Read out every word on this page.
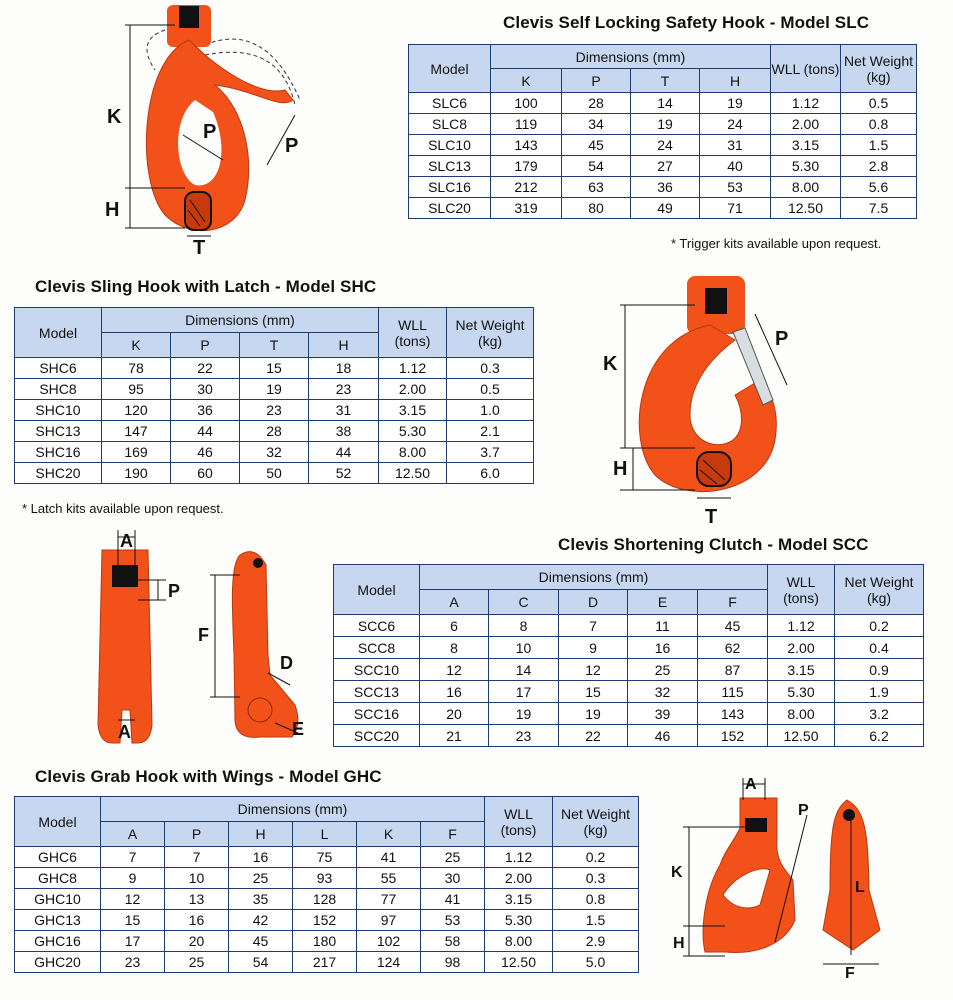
Clevis Self Locking Safety Hook - Model SLC
Model	Dimensions (mm)				WLL (tons)	Net Weight (kg)
	K	P	T	H		
SLC6	100	28	14	19	1.12	0.5
SLC8	119	34	19	24	2.00	0.8
SLC10	143	45	24	31	3.15	1.5
SLC13	179	54	27	40	5.30	2.8
SLC16	212	63	36	53	8.00	5.6
SLC20	319	80	49	71	12.50	7.5
* Trigger kits available upon request.
K
P
P
H
T
Clevis Sling Hook with Latch - Model SHC
Model	Dimensions (mm)				WLL (tons)	Net Weight (kg)
	K	P	T	H		
SHC6	78	22	15	18	1.12	0.3
SHC8	95	30	19	23	2.00	0.5
SHC10	120	36	23	31	3.15	1.0
SHC13	147	44	28	38	5.30	2.1
SHC16	169	46	32	44	8.00	3.7
SHC20	190	60	50	52	12.50	6.0
* Latch kits available upon request.
K
P
H
T
Clevis Shortening Clutch - Model SCC
Model	Dimensions (mm)					WLL (tons)	Net Weight (kg)
	A	C	D	E	F		
SCC6	6	8	7	11	45	1.12	0.2
SCC8	8	10	9	16	62	2.00	0.4
SCC10	12	14	12	25	87	3.15	0.9
SCC13	16	17	15	32	115	5.30	1.9
SCC16	20	19	19	39	143	8.00	3.2
SCC20	21	23	22	46	152	12.50	6.2
A
P
A
F
D
E
Clevis Grab Hook with Wings - Model GHC
Model	Dimensions (mm)						WLL (tons)	Net Weight (kg)
	A	P	H	L	K	F		
GHC6	7	7	16	75	41	25	1.12	0.2
GHC8	9	10	25	93	55	30	2.00	0.3
GHC10	12	13	35	128	77	41	3.15	0.8
GHC13	15	16	42	152	97	53	5.30	1.5
GHC16	17	20	45	180	102	58	8.00	2.9
GHC20	23	25	54	217	124	98	12.50	5.0
A
P
K
H
L
F
